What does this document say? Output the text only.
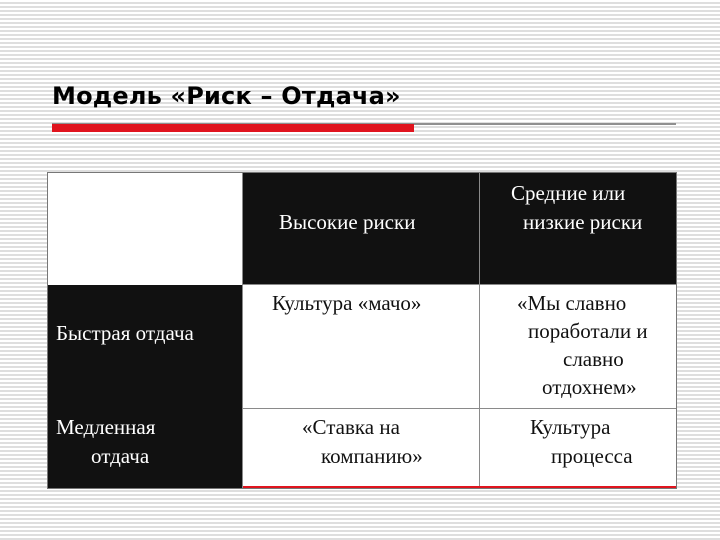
Модель «Риск – Отдача»
Высокие риски
Средние или
низкие риски
Быстрая отдача
Культура «мачо»	«Мы славно
поработали и
славно
отдохнем»
Медленная
отдача
«Ставка на
компанию»
Культура
процесса
